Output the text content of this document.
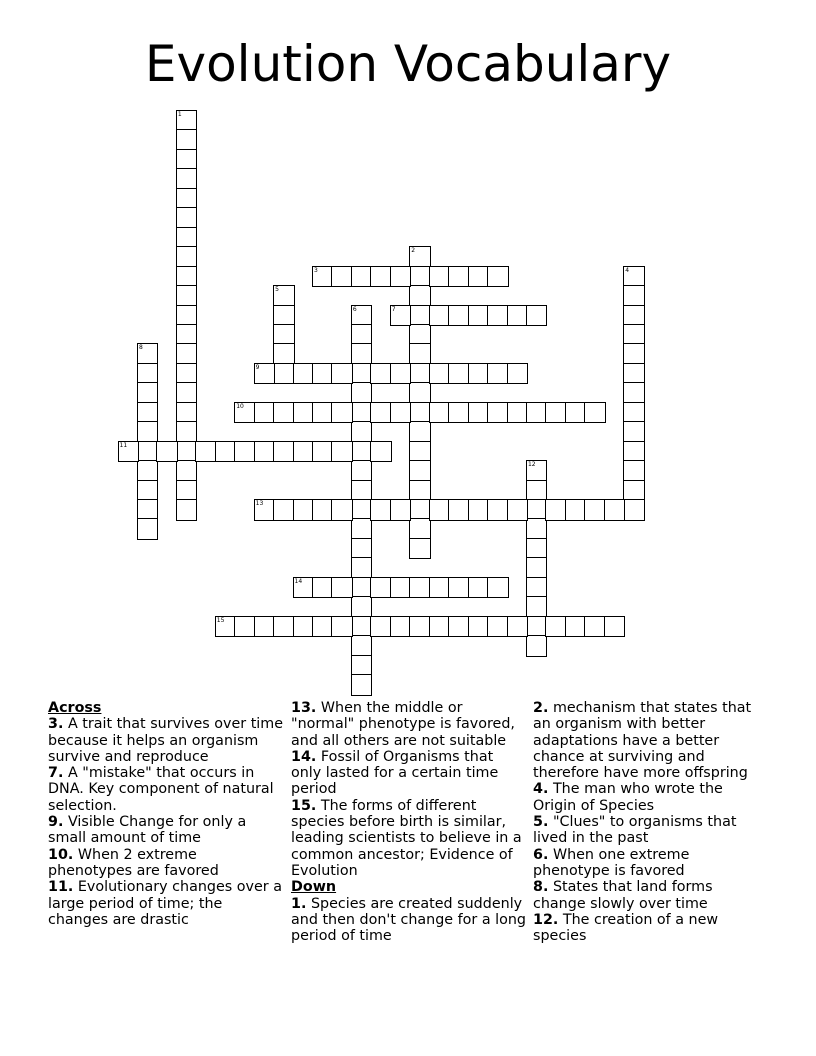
Evolution Vocabulary
1
2
3	4
5
6	7
8
9
10
11
12
13
14
15

Across

3. A trait that survives over time because it helps an organism survive and reproduce

7. A "mistake" that occurs in DNA. Key component of natural selection.

9. Visible Change for only a small amount of time

10. When 2 extreme phenotypes are favored

11. Evolutionary changes over a large period of time; the changes are drastic

13. When the middle or "normal" phenotype is favored, and all others are not suitable

14. Fossil of Organisms that only lasted for a certain time period

15. The forms of different species before birth is similar, leading scientists to believe in a common ancestor; Evidence of Evolution

Down

1. Species are created suddenly and then don't change for a long period of time

2. mechanism that states that an organism with better adaptations have a better chance at surviving and therefore have more offspring

4. The man who wrote the Origin of Species

5. "Clues" to organisms that lived in the past

6. When one extreme phenotype is favored

8. States that land forms change slowly over time

12. The creation of a new species
